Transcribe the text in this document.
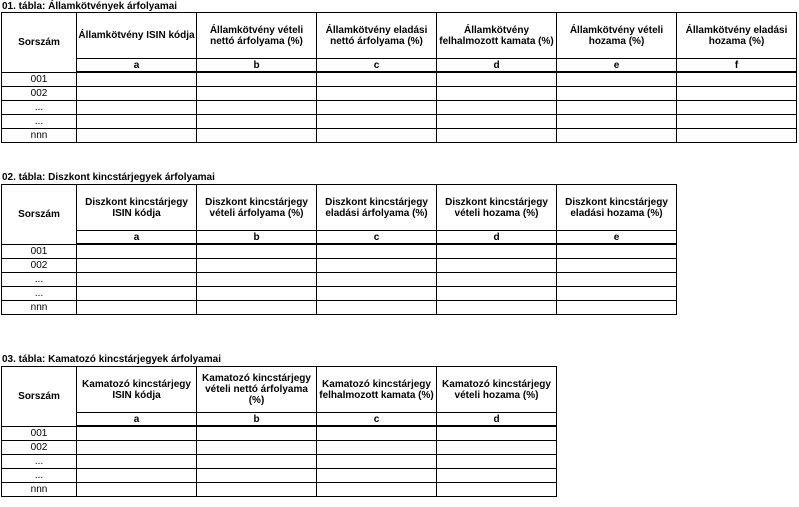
01. tábla: Államkötvények árfolyamai
Sorszám	Államkötvény ISIN kódja	Államkötvény vételi nettó árfolyama (%)	Államkötvény eladási nettó árfolyama (%)	Államkötvény felhalmozott kamata (%)	Államkötvény vételi hozama (%)	Államkötvény eladási hozama (%)
	a	b	c	d	e	f
001						
002						
...						
...						
nnn						
02. tábla: Diszkont kincstárjegyek árfolyamai
Sorszám	Diszkont kincstárjegy ISIN kódja	Diszkont kincstárjegy vételi árfolyama (%)	Diszkont kincstárjegy eladási árfolyama (%)	Diszkont kincstárjegy vételi hozama (%)	Diszkont kincstárjegy eladási hozama (%)
	a	b	c	d	e
001					
002					
...					
...					
nnn					
03. tábla: Kamatozó kincstárjegyek árfolyamai
Sorszám	Kamatozó kincstárjegy ISIN kódja	Kamatozó kincstárjegy vételi nettó árfolyama (%)	Kamatozó kincstárjegy felhalmozott kamata (%)	Kamatozó kincstárjegy vételi hozama (%)
	a	b	c	d
001				
002				
...				
...				
nnn				
